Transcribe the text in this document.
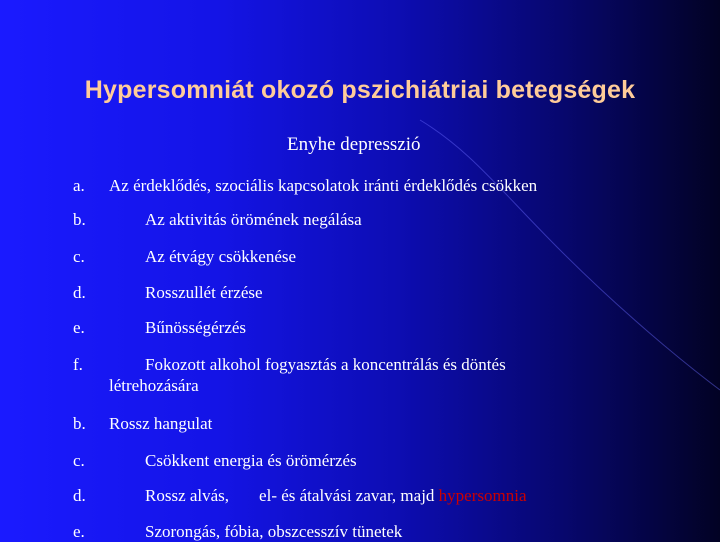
Hypersomniát okozó pszichiátriai betegségek
Enyhe depresszió
a. Az érdeklődés, szociális kapcsolatok iránti érdeklődés csökken
b.	Az aktivitás örömének negálása
c.	Az étvágy csökkenése
d.	Rosszullét érzése
e.	Bűnösségérzés
f.	Fokozott alkohol fogyasztás a koncentrálás és döntés létrehozására
b. Rossz hangulat
c.	Csökkent energia és örömérzés
d.	Rossz alvás, el- és átalvási zavar, majd hypersomnia
e.	Szorongás, fóbia, obszcesszív tünetek
